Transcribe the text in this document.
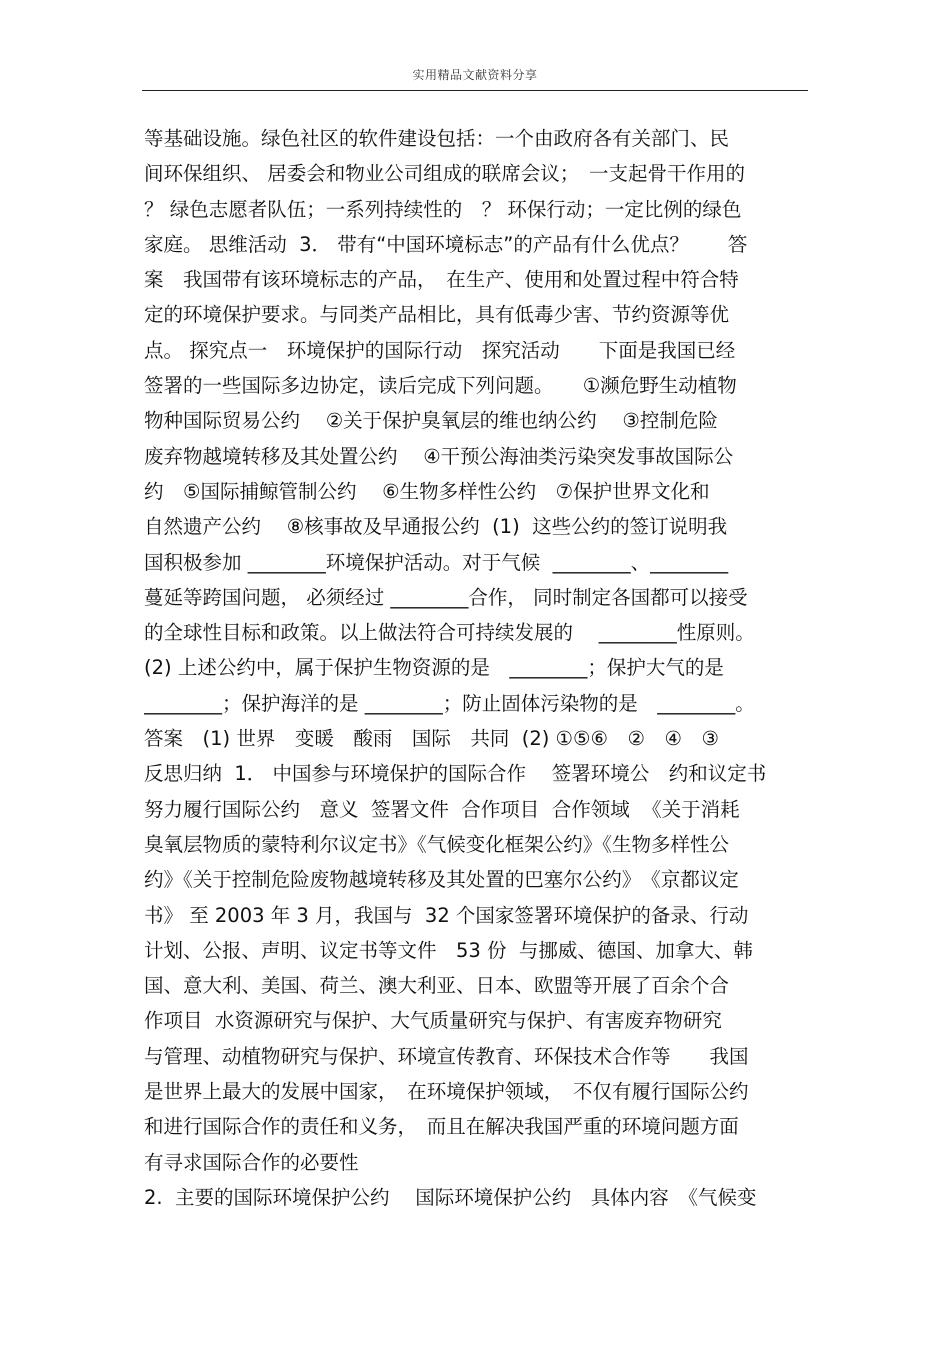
实用精品文献资料分享
等基础设施。绿色社区的软件建设包括：一个由政府各有关部门、民
间环保组织、 居委会和物业公司组成的联席会议；　一支起骨干作用的
？ 绿色志愿者队伍；一系列持续性的　？ 环保行动；一定比例的绿色
家庭。 思维活动  3． 带有“中国环境标志”的产品有什么优点？　　答
案　我国带有该环境标志的产品，　在生产、使用和处置过程中符合特
定的环境保护要求。与同类产品相比，具有低毒少害、节约资源等优
点。 探究点一　环境保护的国际行动　探究活动　　下面是我国已经
签署的一些国际多边协定，读后完成下列问题。　　①濒危野生动植物
物种国际贸易公约　 ②关于保护臭氧层的维也纳公约　 ③控制危险
废弃物越境转移及其处置公约　 ④干预公海油类污染突发事故国际公
约　⑤国际捕鲸管制公约　 ⑥生物多样性公约　⑦保护世界文化和
自然遗产公约　 ⑧核事故及早通报公约  (1)  这些公约的签订说明我
国积极参加 ________环境保护活动。对于气候  ________、________
蔓延等跨国问题， 必须经过 ________合作， 同时制定各国都可以接受
的全球性目标和政策。以上做法符合可持续发展的　 ________性原则。
(2) 上述公约中，属于保护生物资源的是　________；保护大气的是
________；保护海洋的是 ________；防止固体污染物的是　________。
答案　(1) 世界　变暖　酸雨　国际　共同  (2) ①⑤⑥　②　④　③
反思归纳  1． 中国参与环境保护的国际合作　 签署环境公　约和议定书
努力履行国际公约　意义  签署文件  合作项目  合作领域  《关于消耗
臭氧层物质的蒙特利尔议定书》《气候变化框架公约》《生物多样性公
约》《关于控制危险废物越境转移及其处置的巴塞尔公约》　《京都议定
书》 至 2003 年 3 月，我国与  32 个国家签署环境保护的备录、行动
计划、公报、声明、议定书等文件　53 份  与挪威、德国、加拿大、韩
国、意大利、美国、荷兰、澳大利亚、日本、欧盟等开展了百余个合
作项目  水资源研究与保护、大气质量研究与保护、有害废弃物研究
与管理、动植物研究与保护、环境宣传教育、环保技术合作等　　我国
是世界上最大的发展中国家，　在环境保护领域，　不仅有履行国际公约
和进行国际合作的责任和义务，　而且在解决我国严重的环境问题方面
有寻求国际合作的必要性
2.  主要的国际环境保护公约　 国际环境保护公约　具体内容　《气候变
